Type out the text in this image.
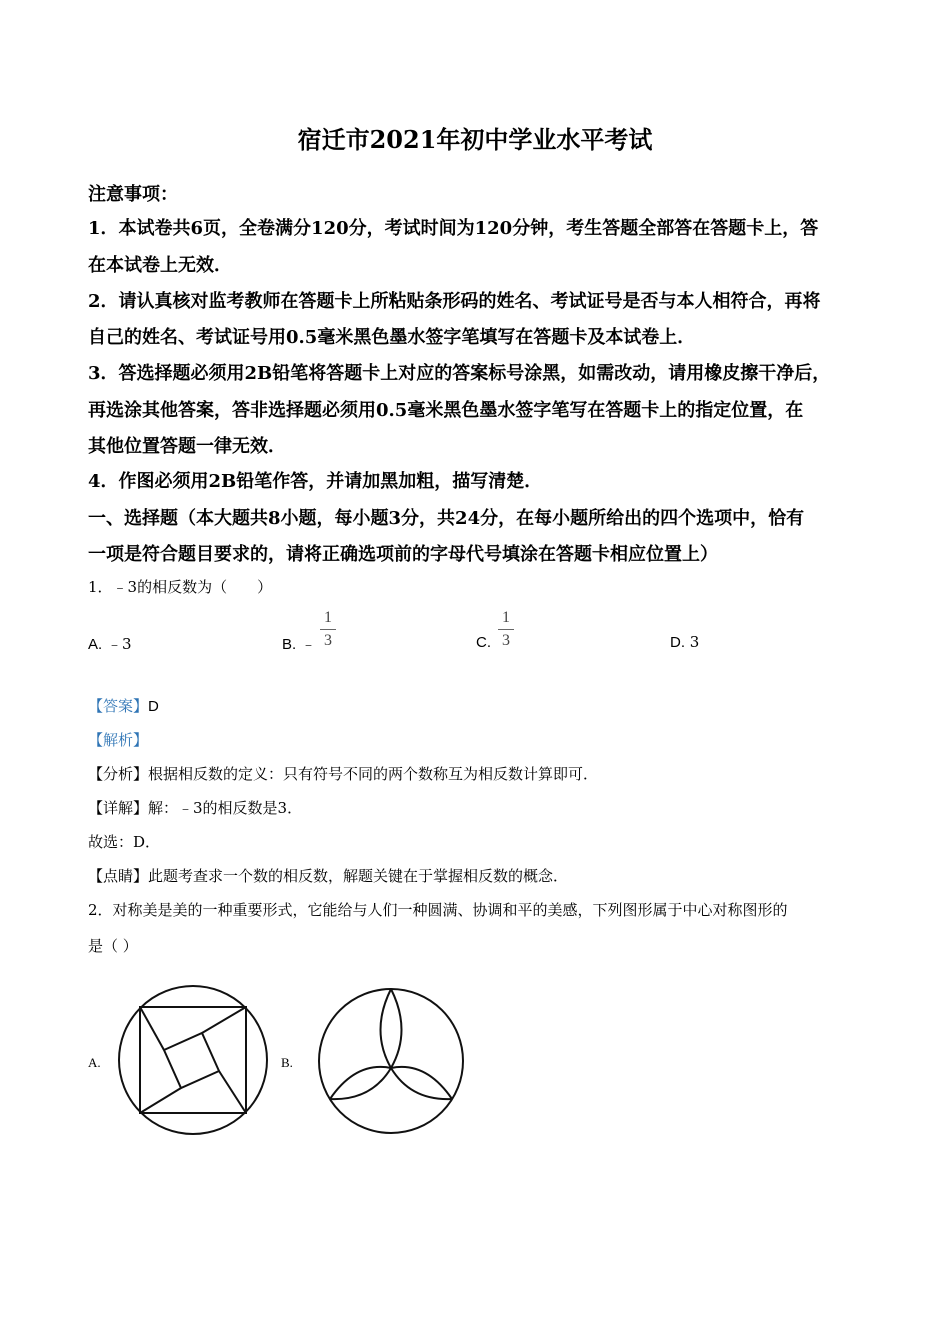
宿迁市2021年初中学业水平考试
注意事项：
1．本试卷共6页，全卷满分120分，考试时间为120分钟，考生答题全部答在答题卡上，答
在本试卷上无效．
2．请认真核对监考教师在答题卡上所粘贴条形码的姓名、考试证号是否与本人相符合，再将
自己的姓名、考试证号用0.5毫米黑色墨水签字笔填写在答题卡及本试卷上．
3．答选择题必须用2B铅笔将答题卡上对应的答案标号涂黑，如需改动，请用橡皮擦干净后，
再选涂其他答案，答非选择题必须用0.5毫米黑色墨水签字笔写在答题卡上的指定位置，在
其他位置答题一律无效．
4．作图必须用2B铅笔作答，并请加黑加粗，描写清楚．
一、选择题（本大题共8小题，每小题3分，共24分，在每小题所给出的四个选项中，恰有
一项是符合题目要求的，请将正确选项前的字母代号填涂在答题卡相应位置上）
1．﹣3的相反数为（　　）
A. ﹣3	B. ﹣
1
3	C.
1
3	D. 3
【答案】D
【解析】
【分析】根据相反数的定义：只有符号不同的两个数称互为相反数计算即可．
【详解】解：﹣3的相反数是3．
故选：D．
【点睛】此题考查求一个数的相反数，解题关键在于掌握相反数的概念．
2．对称美是美的一种重要形式，它能给与人们一种圆满、协调和平的美感，下列图形属于中心对称图形的
是（ ）
A.	B.
